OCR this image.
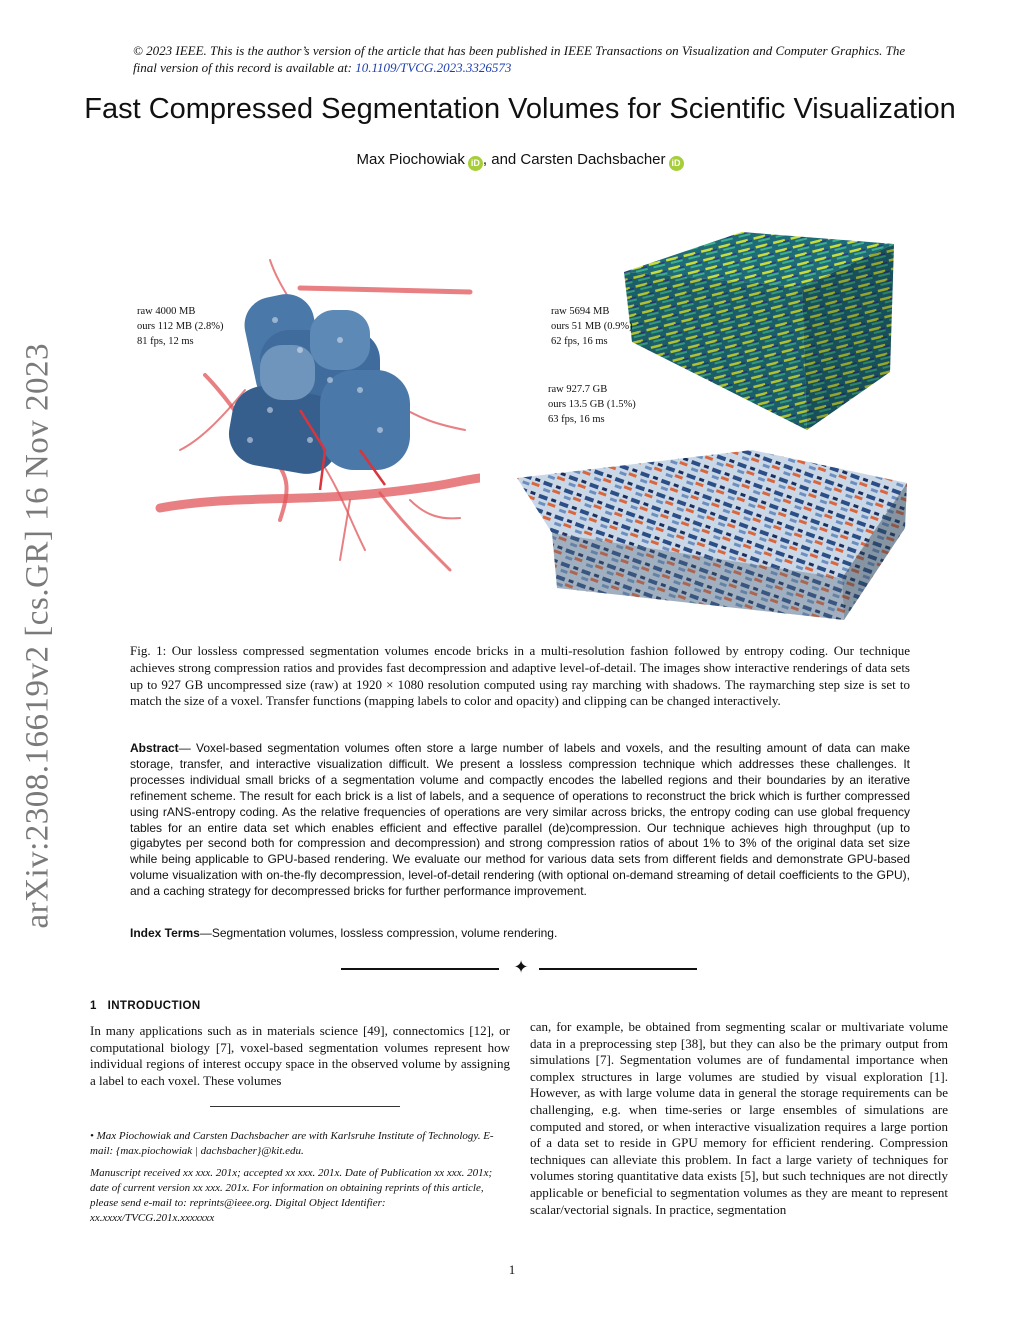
© 2023 IEEE. This is the author’s version of the article that has been published in IEEE Transactions on Visualization and Computer Graphics. The final version of this record is available at: 10.1109/TVCG.2023.3326573
Fast Compressed Segmentation Volumes for Scientific Visualization
Max Piochowiak iD , and Carsten Dachsbacher iD
arXiv:2308.16619v2 [cs.GR] 16 Nov 2023
raw 4000 MB
ours 112 MB (2.8%)
81 fps, 12 ms
raw 5694 MB
ours 51 MB (0.9%)
62 fps, 16 ms
raw 927.7 GB
ours 13.5 GB (1.5%)
63 fps, 16 ms
Fig. 1: Our lossless compressed segmentation volumes encode bricks in a multi-resolution fashion followed by entropy coding. Our technique achieves strong compression ratios and provides fast decompression and adaptive level-of-detail. The images show interactive renderings of data sets up to 927 GB uncompressed size (raw) at 1920 × 1080 resolution computed using ray marching with shadows. The raymarching step size is set to match the size of a voxel. Transfer functions (mapping labels to color and opacity) and clipping can be changed interactively.
Abstract— Voxel-based segmentation volumes often store a large number of labels and voxels, and the resulting amount of data can make storage, transfer, and interactive visualization difficult. We present a lossless compression technique which addresses these challenges. It processes individual small bricks of a segmentation volume and compactly encodes the labelled regions and their boundaries by an iterative refinement scheme. The result for each brick is a list of labels, and a sequence of operations to reconstruct the brick which is further compressed using rANS-entropy coding. As the relative frequencies of operations are very similar across bricks, the entropy coding can use global frequency tables for an entire data set which enables efficient and effective parallel (de)compression. Our technique achieves high throughput (up to gigabytes per second both for compression and decompression) and strong compression ratios of about 1% to 3% of the original data set size while being applicable to GPU-based rendering. We evaluate our method for various data sets from different fields and demonstrate GPU-based volume visualization with on-the-fly decompression, level-of-detail rendering (with optional on-demand streaming of detail coefficients to the GPU), and a caching strategy for decompressed bricks for further performance improvement.
Index Terms—Segmentation volumes, lossless compression, volume rendering.
✦
1 INTRODUCTION
In many applications such as in materials science [49], connectomics [12], or computational biology [7], voxel-based segmentation volumes represent how individual regions of interest occupy space in the observed volume by assigning a label to each voxel. These volumes
can, for example, be obtained from segmenting scalar or multivariate volume data in a preprocessing step [38], but they can also be the primary output from simulations [7]. Segmentation volumes are of fundamental importance when complex structures in large volumes are studied by visual exploration [1]. However, as with large volume data in general the storage requirements can be challenging, e.g. when time-series or large ensembles of simulations are computed and stored, or when interactive visualization requires a large portion of a data set to reside in GPU memory for efficient rendering. Compression techniques can alleviate this problem. In fact a large variety of techniques for volumes storing quantitative data exists [5], but such techniques are not directly applicable or beneficial to segmentation volumes as they are meant to represent scalar/vectorial signals. In practice, segmentation
• Max Piochowiak and Carsten Dachsbacher are with Karlsruhe Institute of Technology. E-mail: {max.piochowiak | dachsbacher}@kit.edu.
Manuscript received xx xxx. 201x; accepted xx xxx. 201x. Date of Publication xx xxx. 201x; date of current version xx xxx. 201x. For information on obtaining reprints of this article, please send e-mail to: reprints@ieee.org. Digital Object Identifier: xx.xxxx/TVCG.201x.xxxxxxx
1
